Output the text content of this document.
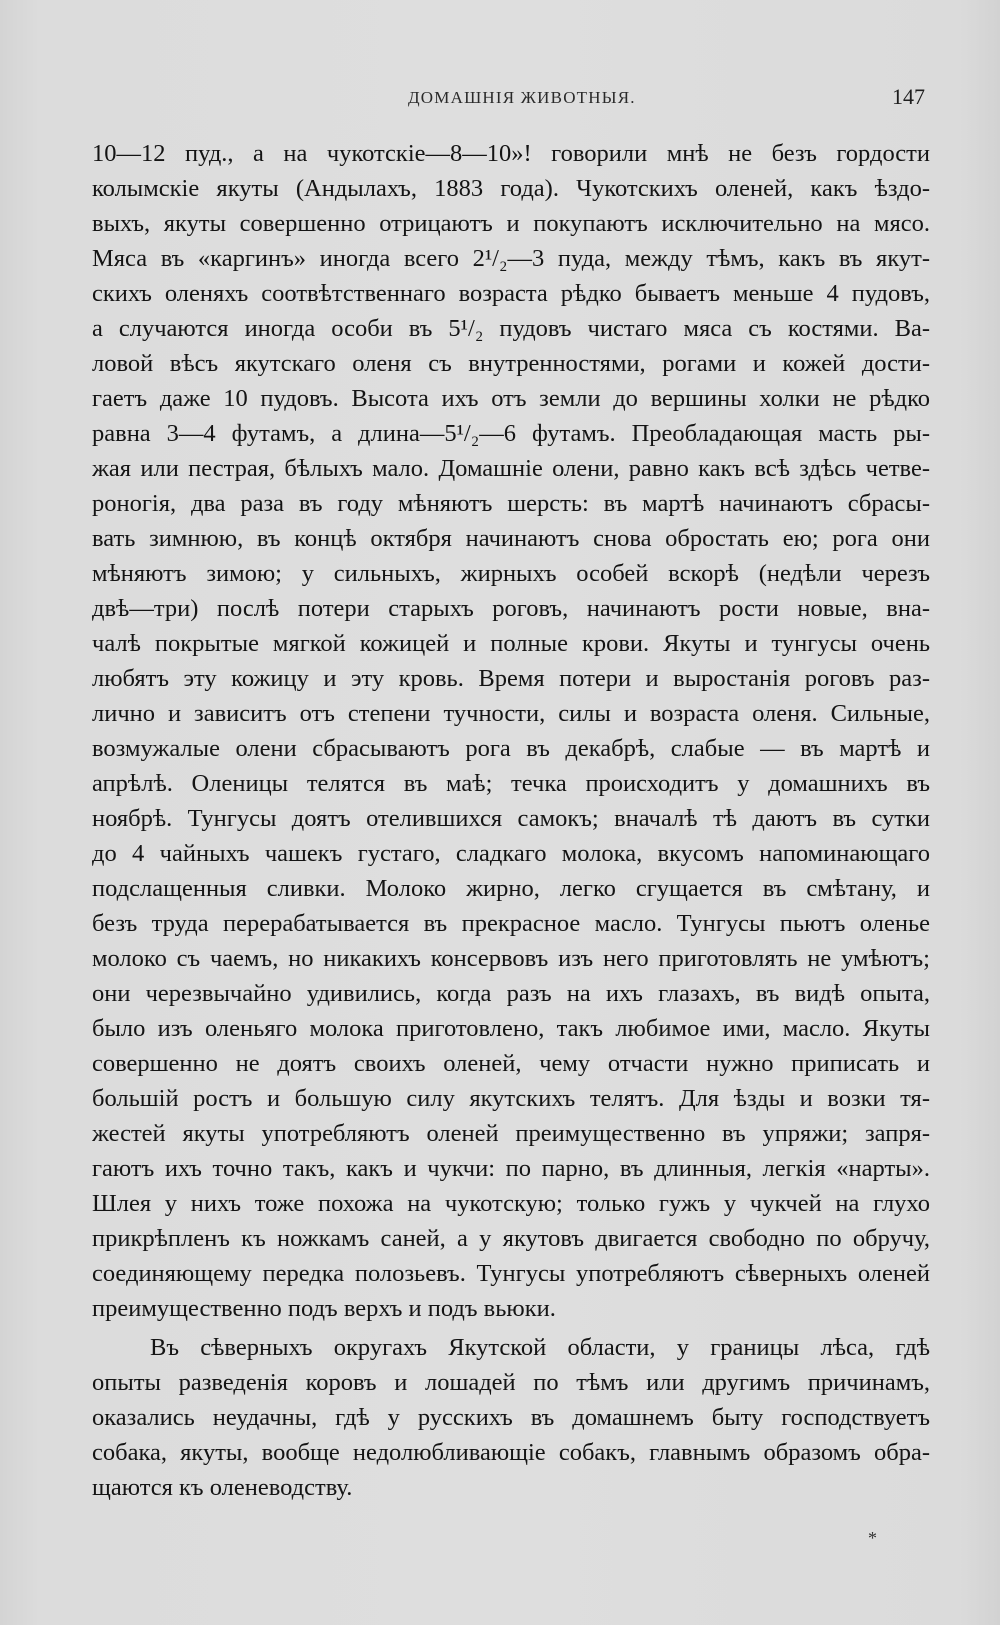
ДОМАШНІЯ ЖИВОТНЫЯ.	147
10—12 пуд., а на чукотскіе—8—10»! говорили мнѣ не безъ гордости
колымскіе якуты (Андылахъ, 1883 года). Чукотскихъ оленей, какъ ѣздо-
выхъ, якуты совершенно отрицаютъ и покупаютъ исключительно на мясо.
Мяса въ «каргинъ» иногда всего 2¹/₂—3 пуда, между тѣмъ, какъ въ якут-
скихъ оленяхъ соотвѣтственнаго возраста рѣдко бываетъ меньше 4 пудовъ,
а случаются иногда особи въ 5¹/₂ пудовъ чистаго мяса съ костями. Ва-
ловой вѣсъ якутскаго оленя съ внутренностями, рогами и кожей дости-
гаетъ даже 10 пудовъ. Высота ихъ отъ земли до вершины холки не рѣдко
равна 3—4 футамъ, а длина—5¹/₂—6 футамъ. Преобладающая масть ры-
жая или пестрая, бѣлыхъ мало. Домашніе олени, равно какъ всѣ здѣсь четве-
роногія, два раза въ году мѣняютъ шерсть: въ мартѣ начинаютъ сбрасы-
вать зимнюю, въ концѣ октября начинаютъ снова обростать ею; рога они
мѣняютъ зимою; у сильныхъ, жирныхъ особей вскорѣ (недѣли черезъ
двѣ—три) послѣ потери старыхъ роговъ, начинаютъ рости новые, вна-
чалѣ покрытые мягкой кожицей и полные крови. Якуты и тунгусы очень
любятъ эту кожицу и эту кровь. Время потери и выростанія роговъ раз-
лично и зависитъ отъ степени тучности, силы и возраста оленя. Сильные,
возмужалые олени сбрасываютъ рога въ декабрѣ, слабые — въ мартѣ и
апрѣлѣ. Оленицы телятся въ маѣ; течка происходитъ у домашнихъ въ
ноябрѣ. Тунгусы доятъ отелившихся самокъ; вначалѣ тѣ даютъ въ сутки
до 4 чайныхъ чашекъ густаго, сладкаго молока, вкусомъ напоминающаго
подслащенныя сливки. Молоко жирно, легко сгущается въ смѣтану, и
безъ труда перерабатывается въ прекрасное масло. Тунгусы пьютъ оленье
молоко съ чаемъ, но никакихъ консервовъ изъ него приготовлять не умѣютъ;
они черезвычайно удивились, когда разъ на ихъ глазахъ, въ видѣ опыта,
было изъ оленьяго молока приготовлено, такъ любимое ими, масло. Якуты
совершенно не доятъ своихъ оленей, чему отчасти нужно приписать и
большій ростъ и большую силу якутскихъ телятъ. Для ѣзды и возки тя-
жестей якуты употребляютъ оленей преимущественно въ упряжи; запря-
гаютъ ихъ точно такъ, какъ и чукчи: по парно, въ длинныя, легкія «нарты».
Шлея у нихъ тоже похожа на чукотскую; только гужъ у чукчей на глухо
прикрѣпленъ къ ножкамъ саней, а у якутовъ двигается свободно по обручу,
соединяющему передка полозьевъ. Тунгусы употребляютъ сѣверныхъ оленей
преимущественно подъ верхъ и подъ вьюки.
Въ сѣверныхъ округахъ Якутской области, у границы лѣса, гдѣ
опыты разведенія коровъ и лошадей по тѣмъ или другимъ причинамъ,
оказались неудачны, гдѣ у русскихъ въ домашнемъ быту господствуетъ
собака, якуты, вообще недолюбливающіе собакъ, главнымъ образомъ обра-
щаются къ оленеводству.
*
